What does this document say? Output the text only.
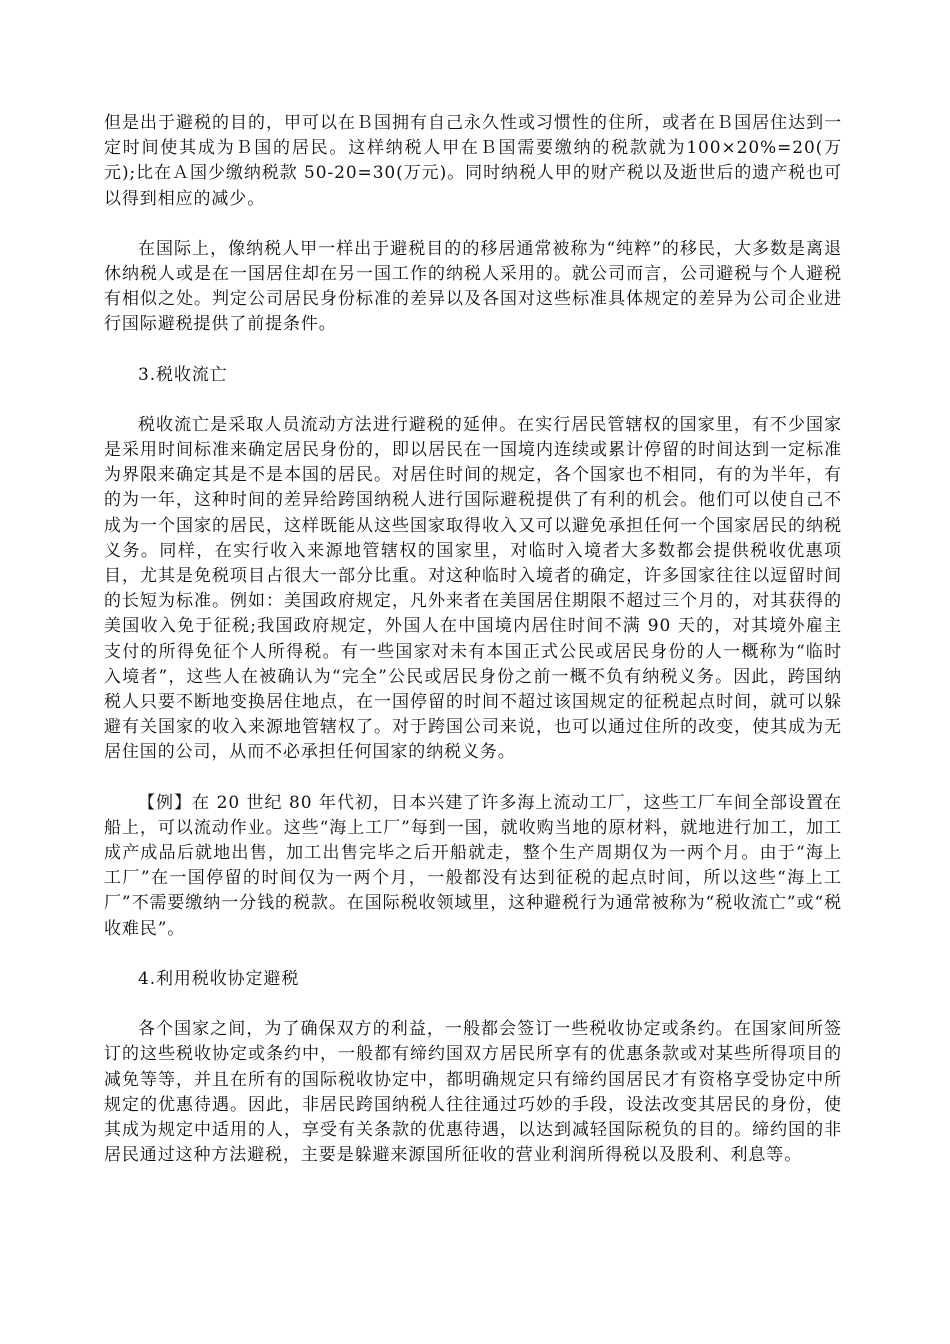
但是出于避税的目的，甲可以在Ｂ国拥有自己永久性或习惯性的住所，或者在Ｂ国居住达到一定时间使其成为Ｂ国的居民。这样纳税人甲在Ｂ国需要缴纳的税款就为100×20%=20(万元);比在Ａ国少缴纳税款 50-20=30(万元)。同时纳税人甲的财产税以及逝世后的遗产税也可以得到相应的减少。

在国际上，像纳税人甲一样出于避税目的的移居通常被称为“纯粹”的移民，大多数是离退休纳税人或是在一国居住却在另一国工作的纳税人采用的。就公司而言，公司避税与个人避税有相似之处。判定公司居民身份标准的差异以及各国对这些标准具体规定的差异为公司企业进行国际避税提供了前提条件。

3.税收流亡

税收流亡是采取人员流动方法进行避税的延伸。在实行居民管辖权的国家里，有不少国家是采用时间标准来确定居民身份的，即以居民在一国境内连续或累计停留的时间达到一定标准为界限来确定其是不是本国的居民。对居住时间的规定，各个国家也不相同，有的为半年，有的为一年，这种时间的差异给跨国纳税人进行国际避税提供了有利的机会。他们可以使自己不成为一个国家的居民，这样既能从这些国家取得收入又可以避免承担任何一个国家居民的纳税义务。同样，在实行收入来源地管辖权的国家里，对临时入境者大多数都会提供税收优惠项目，尤其是免税项目占很大一部分比重。对这种临时入境者的确定，许多国家往往以逗留时间的长短为标准。例如：美国政府规定，凡外来者在美国居住期限不超过三个月的，对其获得的美国收入免于征税;我国政府规定，外国人在中国境内居住时间不满 90 天的，对其境外雇主支付的所得免征个人所得税。有一些国家对未有本国正式公民或居民身份的人一概称为“临时入境者”，这些人在被确认为“完全”公民或居民身份之前一概不负有纳税义务。因此，跨国纳税人只要不断地变换居住地点，在一国停留的时间不超过该国规定的征税起点时间，就可以躲避有关国家的收入来源地管辖权了。对于跨国公司来说，也可以通过住所的改变，使其成为无居住国的公司，从而不必承担任何国家的纳税义务。

【例】在 20 世纪 80 年代初，日本兴建了许多海上流动工厂，这些工厂车间全部设置在船上，可以流动作业。这些“海上工厂”每到一国，就收购当地的原材料，就地进行加工，加工成产成品后就地出售，加工出售完毕之后开船就走，整个生产周期仅为一两个月。由于“海上工厂”在一国停留的时间仅为一两个月，一般都没有达到征税的起点时间，所以这些“海上工厂”不需要缴纳一分钱的税款。在国际税收领域里，这种避税行为通常被称为“税收流亡”或“税收难民”。

4.利用税收协定避税

各个国家之间，为了确保双方的利益，一般都会签订一些税收协定或条约。在国家间所签订的这些税收协定或条约中，一般都有缔约国双方居民所享有的优惠条款或对某些所得项目的减免等等，并且在所有的国际税收协定中，都明确规定只有缔约国居民才有资格享受协定中所规定的优惠待遇。因此，非居民跨国纳税人往往通过巧妙的手段，设法改变其居民的身份，使其成为规定中适用的人，享受有关条款的优惠待遇，以达到减轻国际税负的目的。缔约国的非居民通过这种方法避税，主要是躲避来源国所征收的营业利润所得税以及股利、利息等。
